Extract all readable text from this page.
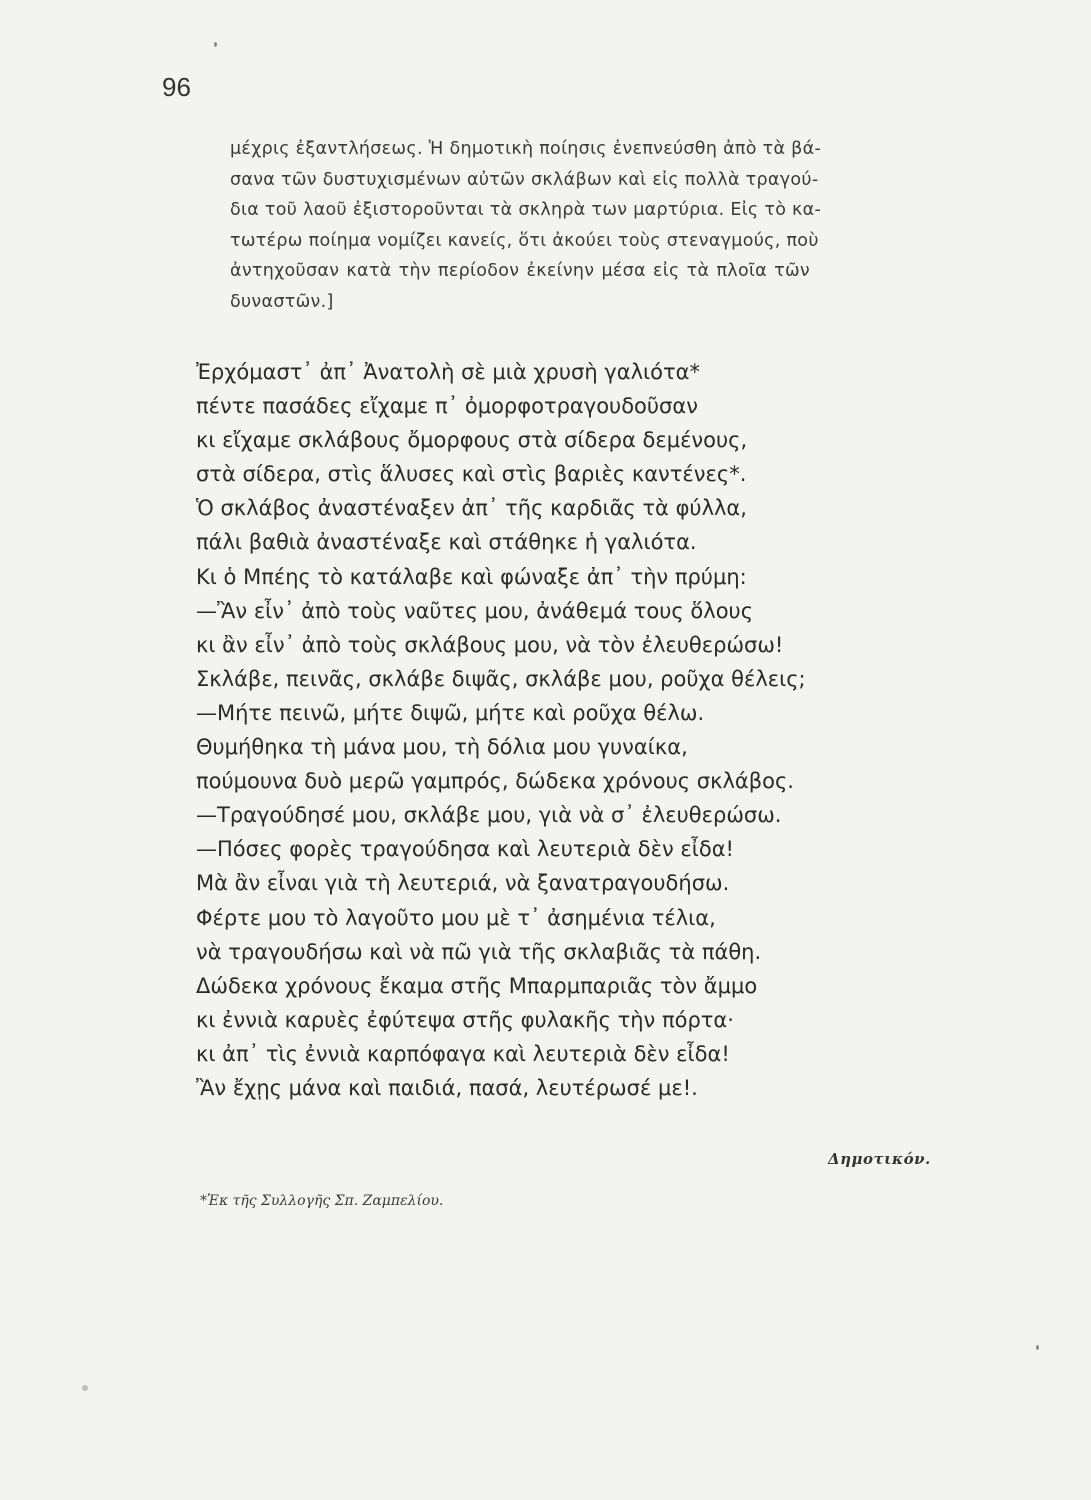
96

μέχρις ἐξαντλήσεως. Ἡ δημοτικὴ ποίησις ἐνεπνεύσθη ἀπὸ τὰ βά-
σανα τῶν δυστυχισμένων αὐτῶν σκλάβων καὶ εἰς πολλὰ τραγού-
δια τοῦ λαοῦ ἐξιστοροῦνται τὰ σκληρὰ των μαρτύρια. Εἰς τὸ κα-
τωτέρω ποίημα νομίζει κανείς, ὅτι ἀκούει τοὺς στεναγμούς, ποὺ
ἀντηχοῦσαν κατὰ τὴν περίοδον ἐκείνην μέσα εἰς τὰ πλοῖα τῶν
δυναστῶν.]
Ἐρχόμαστ᾽ ἀπ᾽ Ἀνατολὴ σὲ μιὰ χρυσὴ γαλιότα*
πέντε πασάδες εἴχαμε π᾽ ὀμορφοτραγουδοῦσαν
κι εἴχαμε σκλάβους ὄμορφους στὰ σίδερα δεμένους,
στὰ σίδερα, στὶς ἅλυσες καὶ στὶς βαριὲς καντένες*.
Ὁ σκλάβος ἀναστέναξεν ἀπ᾽ τῆς καρδιᾶς τὰ φύλλα,
πάλι βαθιὰ ἀναστέναξε καὶ στάθηκε ἡ γαλιότα.
Κι ὁ Μπέης τὸ κατάλαβε καὶ φώναξε ἀπ᾽ τὴν πρύμη:
—Ἂν εἶν᾽ ἀπὸ τοὺς ναῦτες μου, ἀνάθεμά τους ὅλους
κι ἂν εἶν᾽ ἀπὸ τοὺς σκλάβους μου, νὰ τὸν ἐλευθερώσω!
Σκλάβε, πεινᾶς, σκλάβε διψᾶς, σκλάβε μου, ροῦχα θέλεις;
—Μήτε πεινῶ, μήτε διψῶ, μήτε καὶ ροῦχα θέλω.
Θυμήθηκα τὴ μάνα μου, τὴ δόλια μου γυναίκα,
πούμουνα δυὸ μερῶ γαμπρός, δώδεκα χρόνους σκλάβος.
—Τραγούδησέ μου, σκλάβε μου, γιὰ νὰ σ᾽ ἐλευθερώσω.
—Πόσες φορὲς τραγούδησα καὶ λευτεριὰ δὲν εἶδα!
Μὰ ἂν εἶναι γιὰ τὴ λευτεριά, νὰ ξανατραγουδήσω.
Φέρτε μου τὸ λαγοῦτο μου μὲ τ᾽ ἀσημένια τέλια,
νὰ τραγουδήσω καὶ νὰ πῶ γιὰ τῆς σκλαβιᾶς τὰ πάθη.
Δώδεκα χρόνους ἔκαμα στῆς Μπαρμπαριᾶς τὸν ἄμμο
κι ἐννιὰ καρυὲς ἐφύτεψα στῆς φυλακῆς τὴν πόρτα·
κι ἀπ᾽ τὶς ἐννιὰ καρπόφαγα καὶ λευτεριὰ δὲν εἶδα!
Ἂν ἔχῃς μάνα καὶ παιδιά, πασά, λευτέρωσέ με!.
Δημοτικόν.
*Ἐκ τῆς Συλλογῆς Σπ. Ζαμπελίου.
